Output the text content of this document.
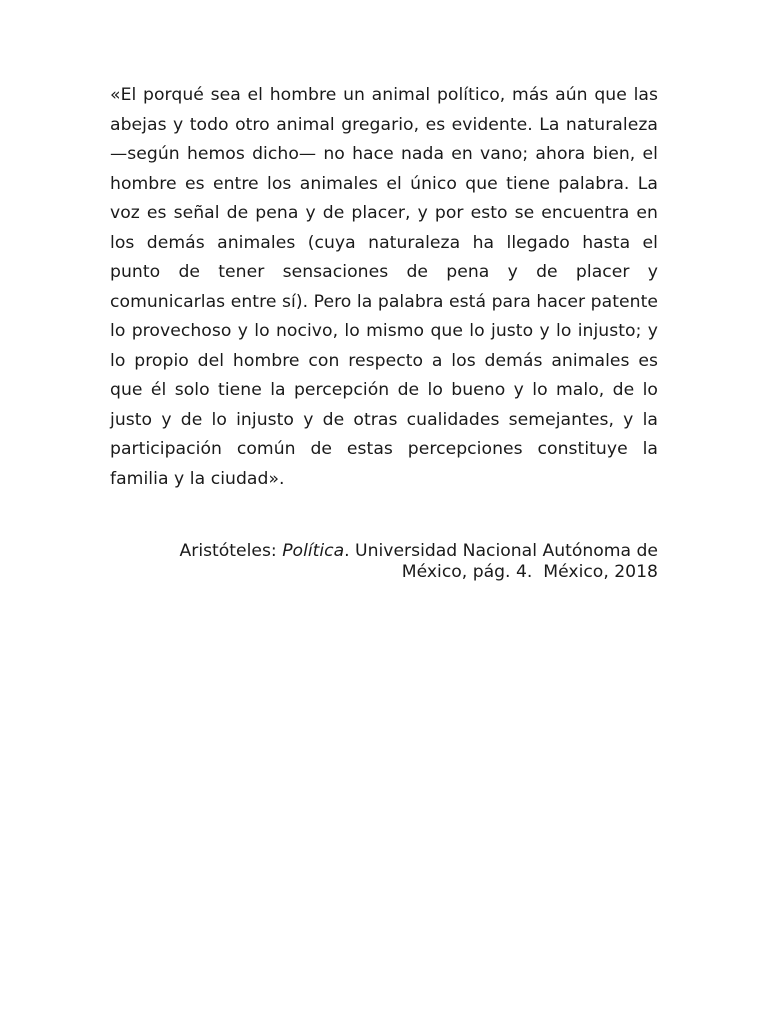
«El porqué sea el hombre un animal político, más aún que las abejas y todo otro animal gregario, es evidente. La naturaleza —según hemos dicho— no hace nada en vano; ahora bien, el hombre es entre los animales el único que tiene palabra. La voz es señal de pena y de placer, y por esto se encuentra en los demás animales (cuya naturaleza ha llegado hasta el punto de tener sensaciones de pena y de placer y comunicarlas entre sí). Pero la palabra está para hacer patente lo provechoso y lo nocivo, lo mismo que lo justo y lo injusto; y lo propio del hombre con respecto a los demás animales es que él solo tiene la percepción de lo bueno y lo malo, de lo justo y de lo injusto y de otras cualidades semejantes, y la participación común de estas percepciones constituye la familia y la ciudad».

Aristóteles: Política. Universidad Nacional Autónoma de
México, pág. 4.  México, 2018
